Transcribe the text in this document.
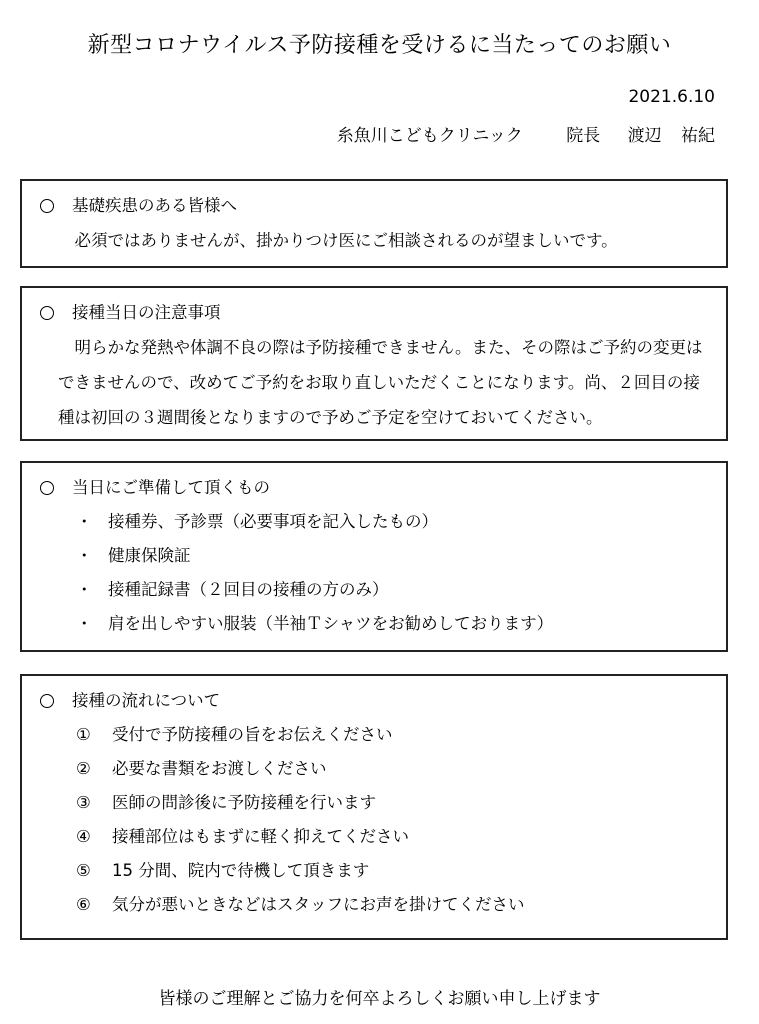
新型コロナウイルス予防接種を受けるに当たってのお願い
2021.6.10
糸魚川こどもクリニック	院長 渡辺 祐紀
基礎疾患のある皆様へ
必須ではありませんが、掛かりつけ医にご相談されるのが望ましいです。
接種当日の注意事項
明らかな発熱や体調不良の際は予防接種できません。また、その際はご予約の変更はできませんので、改めてご予約をお取り直しいただくことになります。尚、２回目の接種は初回の３週間後となりますので予めご予定を空けておいてください。
当日にご準備して頂くもの
・ 接種券、予診票（必要事項を記入したもの）
・ 健康保険証
・ 接種記録書（２回目の接種の方のみ）
・ 肩を出しやすい服装（半袖Ｔシャツをお勧めしております）
接種の流れについて
① 受付で予防接種の旨をお伝えください
② 必要な書類をお渡しください
③ 医師の問診後に予防接種を行います
④ 接種部位はもまずに軽く抑えてください
⑤ 15 分間、院内で待機して頂きます
⑥ 気分が悪いときなどはスタッフにお声を掛けてください
皆様のご理解とご協力を何卒よろしくお願い申し上げます
